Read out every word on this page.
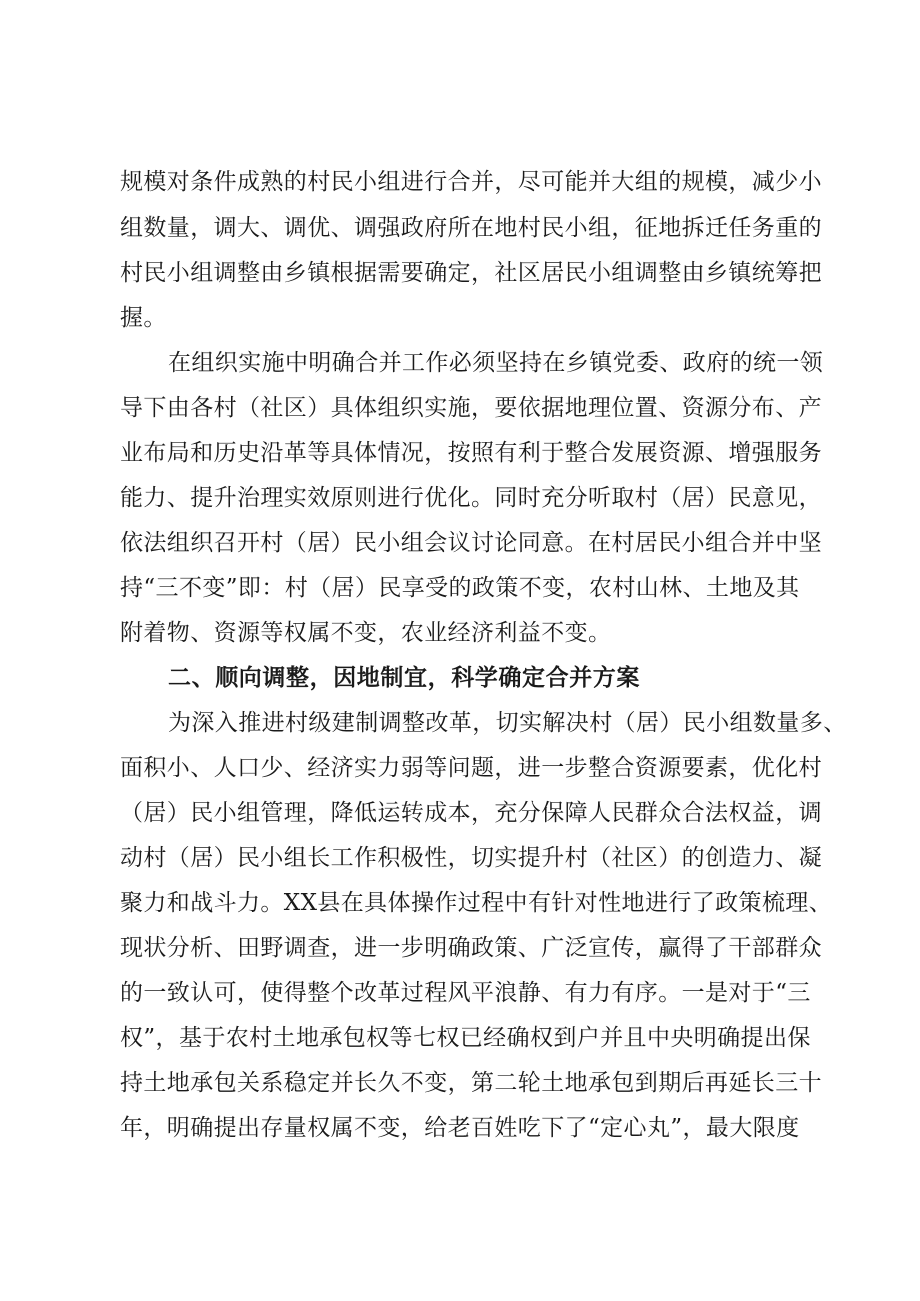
规模对条件成熟的村民小组进行合并，尽可能并大组的规模，减少小
组数量，调大、调优、调强政府所在地村民小组，征地拆迁任务重的
村民小组调整由乡镇根据需要确定，社区居民小组调整由乡镇统筹把
握。
在组织实施中明确合并工作必须坚持在乡镇党委、政府的统一领
导下由各村（社区）具体组织实施，要依据地理位置、资源分布、产
业布局和历史沿革等具体情况，按照有利于整合发展资源、增强服务
能力、提升治理实效原则进行优化。同时充分听取村（居）民意见，
依法组织召开村（居）民小组会议讨论同意。在村居民小组合并中坚
持“三不变”即：村（居）民享受的政策不变，农村山林、土地及其
附着物、资源等权属不变，农业经济利益不变。
二、顺向调整，因地制宜，科学确定合并方案
为深入推进村级建制调整改革，切实解决村（居）民小组数量多、
面积小、人口少、经济实力弱等问题，进一步整合资源要素，优化村
（居）民小组管理，降低运转成本，充分保障人民群众合法权益，调
动村（居）民小组长工作积极性，切实提升村（社区）的创造力、凝
聚力和战斗力。XX县在具体操作过程中有针对性地进行了政策梳理、
现状分析、田野调查，进一步明确政策、广泛宣传，赢得了干部群众
的一致认可，使得整个改革过程风平浪静、有力有序。一是对于“三
权”，基于农村土地承包权等七权已经确权到户并且中央明确提出保
持土地承包关系稳定并长久不变，第二轮土地承包到期后再延长三十
年，明确提出存量权属不变，给老百姓吃下了“定心丸”，最大限度
